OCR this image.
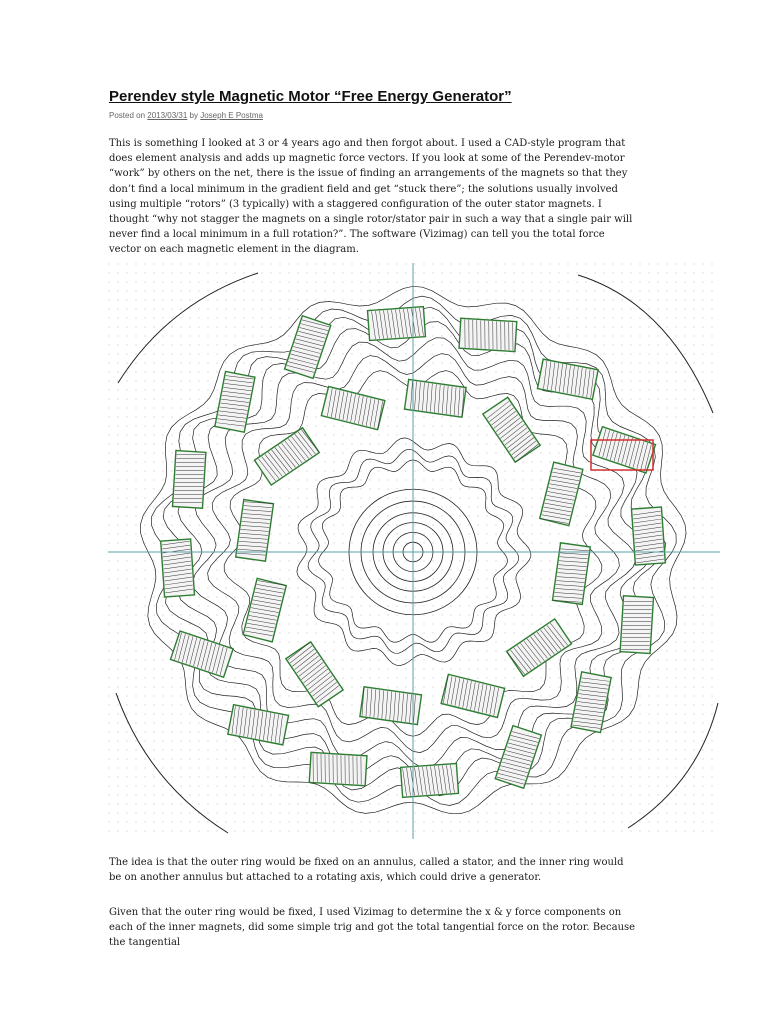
Perendev style Magnetic Motor “Free Energy Generator”
Posted on 2013/03/31 by Joseph E Postma

This is something I looked at 3 or 4 years ago and then forgot about. I used a CAD-style program that does element analysis and adds up magnetic force vectors. If you look at some of the Perendev-motor “work” by others on the net, there is the issue of finding an arrangements of the magnets so that they don’t find a local minimum in the gradient field and get “stuck there”; the solutions usually involved using multiple “rotors” (3 typically) with a staggered configuration of the outer stator magnets. I thought “why not stagger the magnets on a single rotor/stator pair in such a way that a single pair will never find a local minimum in a full rotation?”. The software (Vizimag) can tell you the total force vector on each magnetic element in the diagram.

The idea is that the outer ring would be fixed on an annulus, called a stator, and the inner ring would be on another annulus but attached to a rotating axis, which could drive a generator.

Given that the outer ring would be fixed, I used Vizimag to determine the x & y force components on each of the inner magnets, did some simple trig and got the total tangential force on the rotor. Because the tangential
